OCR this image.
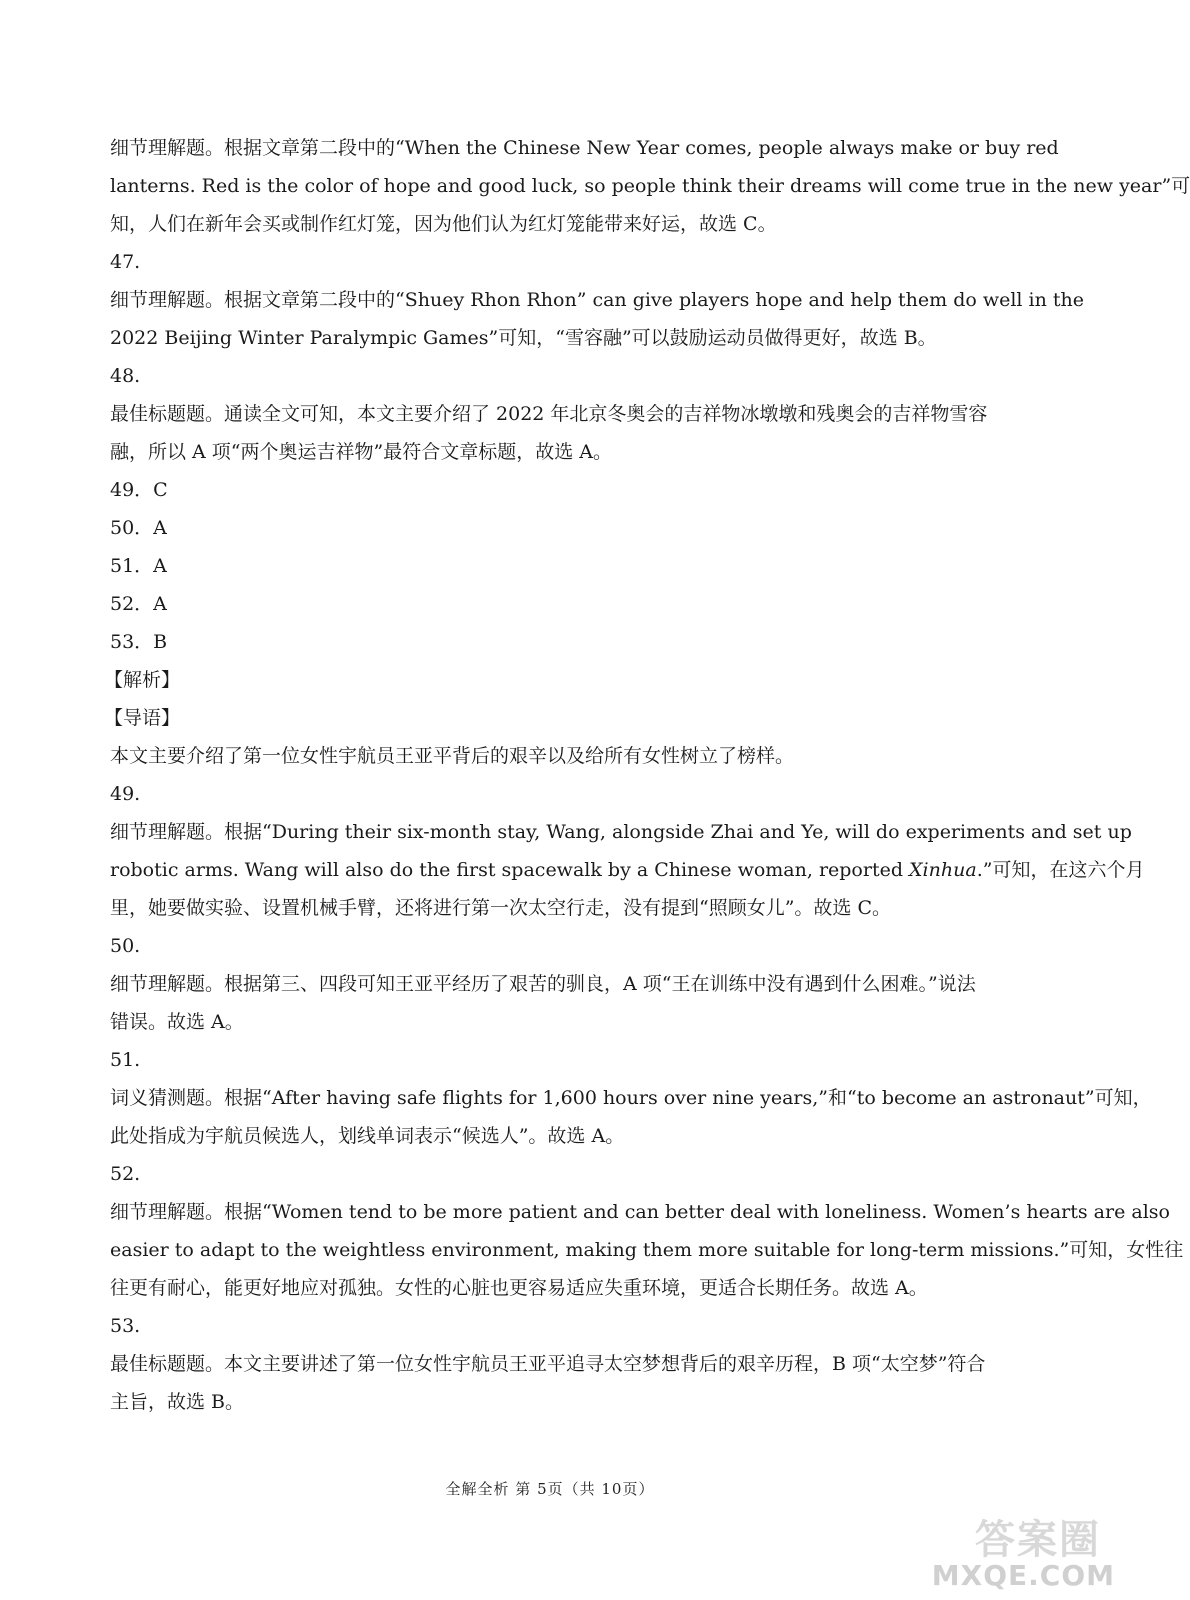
细节理解题。根据文章第二段中的“When the Chinese New Year comes, people always make or buy red
lanterns. Red is the color of hope and good luck, so people think their dreams will come true in the new year”可
知，人们在新年会买或制作红灯笼，因为他们认为红灯笼能带来好运，故选 C。
47.
细节理解题。根据文章第二段中的“Shuey Rhon Rhon” can give players hope and help them do well in the
2022 Beijing Winter Paralympic Games”可知，“雪容融”可以鼓励运动员做得更好，故选 B。
48.
最佳标题题。通读全文可知，本文主要介绍了 2022 年北京冬奥会的吉祥物冰墩墩和残奥会的吉祥物雪容
融，所以 A 项“两个奥运吉祥物”最符合文章标题，故选 A。
49．C
50．A
51．A
52．A
53．B
【解析】
【导语】
本文主要介绍了第一位女性宇航员王亚平背后的艰辛以及给所有女性树立了榜样。
49.
细节理解题。根据“During their six-month stay, Wang, alongside Zhai and Ye, will do experiments and set up
robotic arms. Wang will also do the first spacewalk by a Chinese woman, reported Xinhua.”可知，在这六个月
里，她要做实验、设置机械手臂，还将进行第一次太空行走，没有提到“照顾女儿”。故选 C。
50.
细节理解题。根据第三、四段可知王亚平经历了艰苦的驯良，A 项“王在训练中没有遇到什么困难。”说法
错误。故选 A。
51.
词义猜测题。根据“After having safe flights for 1,600 hours over nine years,”和“to become an astronaut”可知，
此处指成为宇航员候选人，划线单词表示“候选人”。故选 A。
52.
细节理解题。根据“Women tend to be more patient and can better deal with loneliness. Women’s hearts are also
easier to adapt to the weightless environment, making them more suitable for long-term missions.”可知，女性往
往更有耐心，能更好地应对孤独。女性的心脏也更容易适应失重环境，更适合长期任务。故选 A。
53.
最佳标题题。本文主要讲述了第一位女性宇航员王亚平追寻太空梦想背后的艰辛历程，B 项“太空梦”符合
主旨，故选 B。
全解全析 第 5页（共 10页）
答案圈
MXQE.COM
